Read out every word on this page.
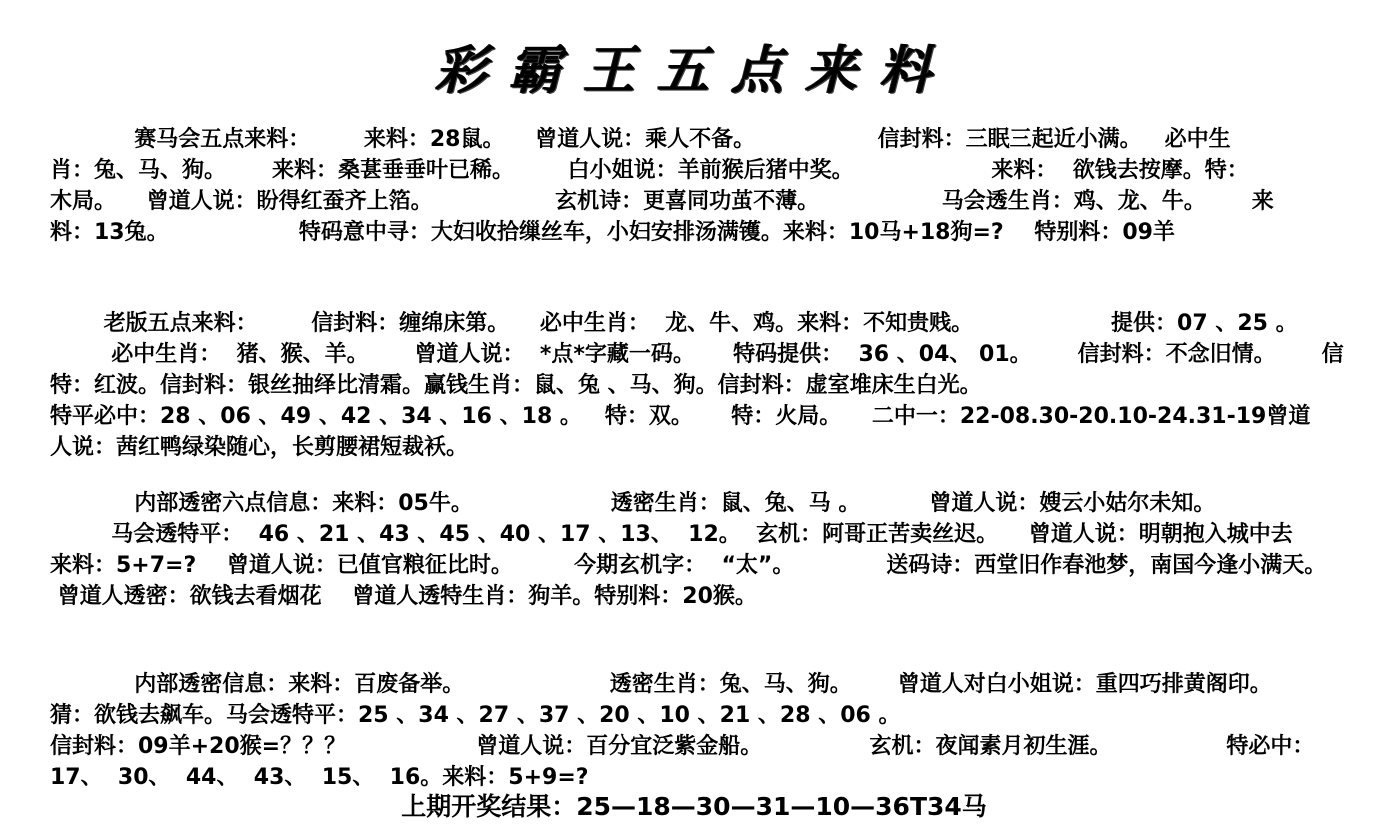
彩霸王五点来料
赛马会五点来料：       来料：28鼠。    曾道人说：乘人不备。                信封料：三眠三起近小满。   必中生
肖：兔、马、狗。      来料：桑葚垂垂叶已稀。       白小姐说：羊前猴后猪中奖。                  来料：  欲钱去按摩。特：
木局。    曾道人说：盼得红蚕齐上箔。                玄机诗：更喜同功茧不薄。                马会透生肖：鸡、龙、牛。      来
料：13兔。                 特码意中寻：大妇收拾缫丝车，小妇安排汤满镬。来料：10马+18狗=?    特别料：09羊
老版五点来料：       信封料：缠绵床第。    必中生肖：  龙、牛、鸡。来料：不知贵贱。                  提供：07 、25 。
必中生肖：  猪、猴、羊。      曾道人说：  *点*字藏一码。     特码提供：  36 、04、 01。      信封料：不念旧情。      信
特：红波。信封料：银丝抽绎比清霜。赢钱生肖：鼠、兔 、马、狗。信封料：虚室堆床生白光。
特平必中：28 、06 、49 、42 、34 、16 、18 。   特：双。     特：火局。    二中一：22-08.30-20.10-24.31-19曾道
人说：茜红鸭绿染随心，长剪腰裙短裁袄。
内部透密六点信息：来料：05牛。                  透密生肖：鼠、兔、马 。         曾道人说：嫂云小姑尔未知。
马会透特平：  46 、21 、43 、45 、40 、17 、13、  12。  玄机：阿哥正苦卖丝迟。    曾道人说：明朝抱入城中去
来料：5+7=?    曾道人说：已值官粮征比时。        今期玄机字：  “太”。            送码诗：西堂旧作春池梦，南国今逢小满天。
曾道人透密：欲钱去看烟花    曾道人透特生肖：狗羊。特别料：20猴。
内部透密信息：来料：百废备举。                   透密生肖：兔、马、狗。      曾道人对白小姐说：重四巧排黄阁印。
猜：欲钱去飙车。马会透特平：25 、34 、27 、37 、20 、10 、21 、28 、06 。
信封料：09羊+20猴=？？？                 曾道人说：百分宜泛紫金船。              玄机：夜闻素月初生涯。               特必中：
17、  30、  44、  43、  15、  16。来料：5+9=?
上期开奖结果：25—18—30—31—10—36T34马
